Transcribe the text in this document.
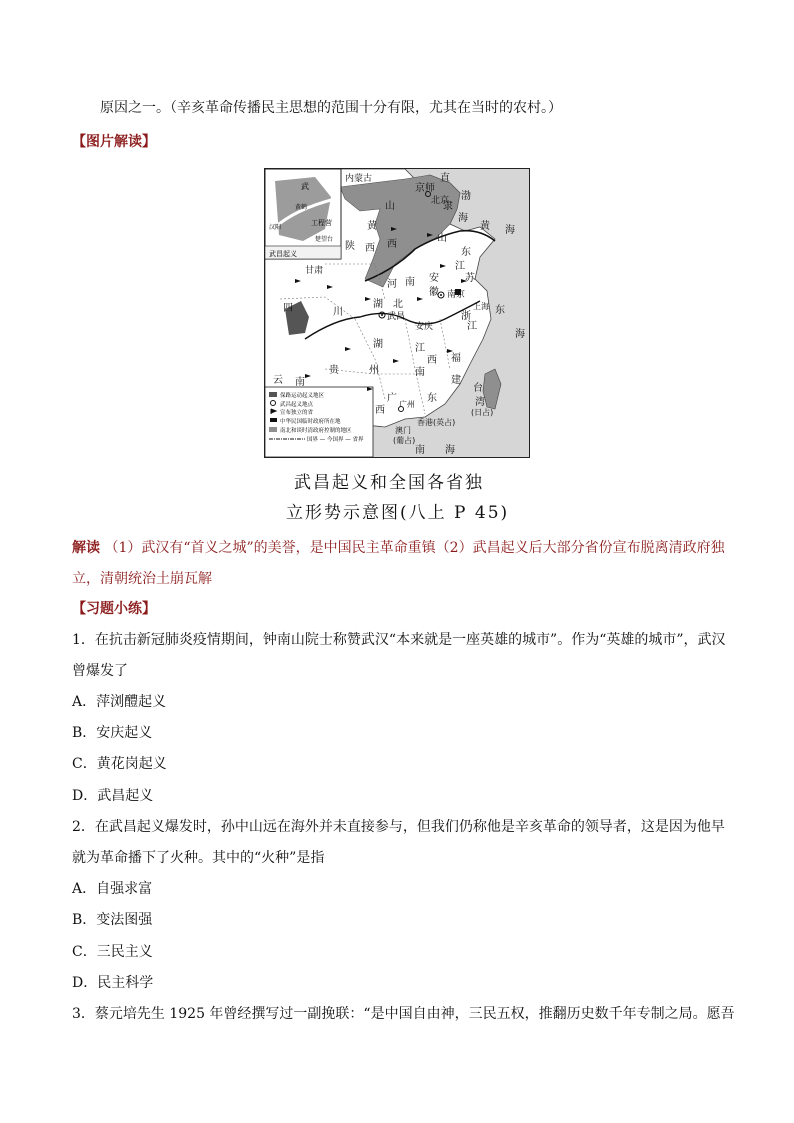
原因之一。（辛亥革命传播民主思想的范围十分有限，尤其在当时的农村。）
【图片解读】
武
汉阳
工程营
楚望台
黄鹤
武昌起义
保路运动起义地区
武昌起义地点
宣布独立的省
中华民国临时政府所在地
南北和谈时清政府控制的地区
国界 — 今国界 — 省界
内蒙古	直
隶
京师
北京 渤
海
山
西
黄
山
东
陕 西
甘肃
河 南
江
苏
安
徽
黄 海
四	川
湖 北
武昌
安庆
南京
上海
浙
江
东
海
湖
南
江
西 福
建
贵	州
云 南
广
西
东
广州
澳门
(葡占)
香港(英占)
南 海
台
湾
(日占)
武昌起义和全国各省独
立形势示意图(八上 P 45)
解读 （1）武汉有“首义之城”的美誉，是中国民主革命重镇（2）武昌起义后大部分省份宣布脱离清政府独
立，清朝统治土崩瓦解
【习题小练】
1．在抗击新冠肺炎疫情期间，钟南山院士称赞武汉“本来就是一座英雄的城市”。作为“英雄的城市”，武汉
曾爆发了
A．萍浏醴起义
B．安庆起义
C．黄花岗起义
D．武昌起义
2．在武昌起义爆发时，孙中山远在海外并未直接参与，但我们仍称他是辛亥革命的领导者，这是因为他早
就为革命播下了火种。其中的“火种”是指
A．自强求富
B．变法图强
C．三民主义
D．民主科学
3．蔡元培先生 1925 年曾经撰写过一副挽联：“是中国自由神，三民五权，推翻历史数千年专制之局。愿吾
